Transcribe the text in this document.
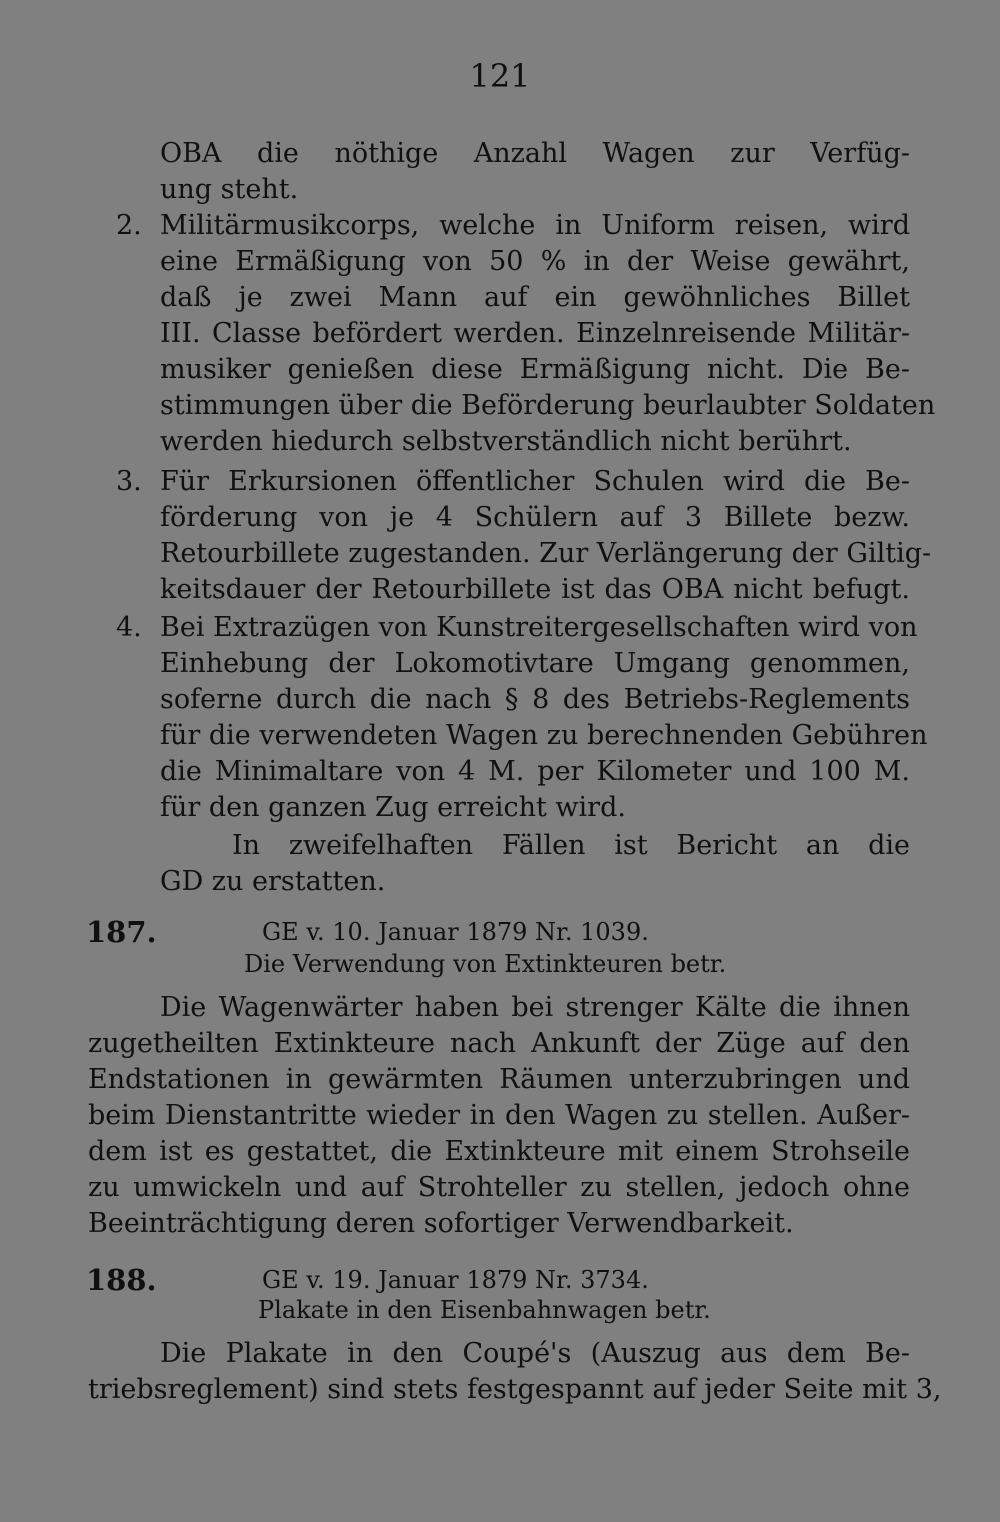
121
OBA die nöthige Anzahl Wagen zur Verfüg-
ung steht.
2. Militärmusikcorps, welche in Uniform reisen, wird
eine Ermäßigung von 50 % in der Weise gewährt,
daß je zwei Mann auf ein gewöhnliches Billet
III. Classe befördert werden. Einzelnreisende Militär-
musiker genießen diese Ermäßigung nicht. Die Be-
stimmungen über die Beförderung beurlaubter Soldaten
werden hiedurch selbstverständlich nicht berührt.
3. Für Erkursionen öffentlicher Schulen wird die Be-
förderung von je 4 Schülern auf 3 Billete bezw.
Retourbillete zugestanden. Zur Verlängerung der Giltig-
keitsdauer der Retourbillete ist das OBA nicht befugt.
4. Bei Extrazügen von Kunstreitergesellschaften wird von
Einhebung der Lokomotivtare Umgang genommen,
soferne durch die nach § 8 des Betriebs-Reglements
für die verwendeten Wagen zu berechnenden Gebühren
die Minimaltare von 4 M. per Kilometer und 100 M.
für den ganzen Zug erreicht wird.
In zweifelhaften Fällen ist Bericht an die
GD zu erstatten.
187.	GE v. 10. Januar 1879 Nr. 1039.
Die Verwendung von Extinkteuren betr.
Die Wagenwärter haben bei strenger Kälte die ihnen
zugetheilten Extinkteure nach Ankunft der Züge auf den
Endstationen in gewärmten Räumen unterzubringen und
beim Dienstantritte wieder in den Wagen zu stellen. Außer-
dem ist es gestattet, die Extinkteure mit einem Strohseile
zu umwickeln und auf Strohteller zu stellen, jedoch ohne
Beeinträchtigung deren sofortiger Verwendbarkeit.
188.	GE v. 19. Januar 1879 Nr. 3734.
Plakate in den Eisenbahnwagen betr.
Die Plakate in den Coupé's (Auszug aus dem Be-
triebsreglement) sind stets festgespannt auf jeder Seite mit 3,
